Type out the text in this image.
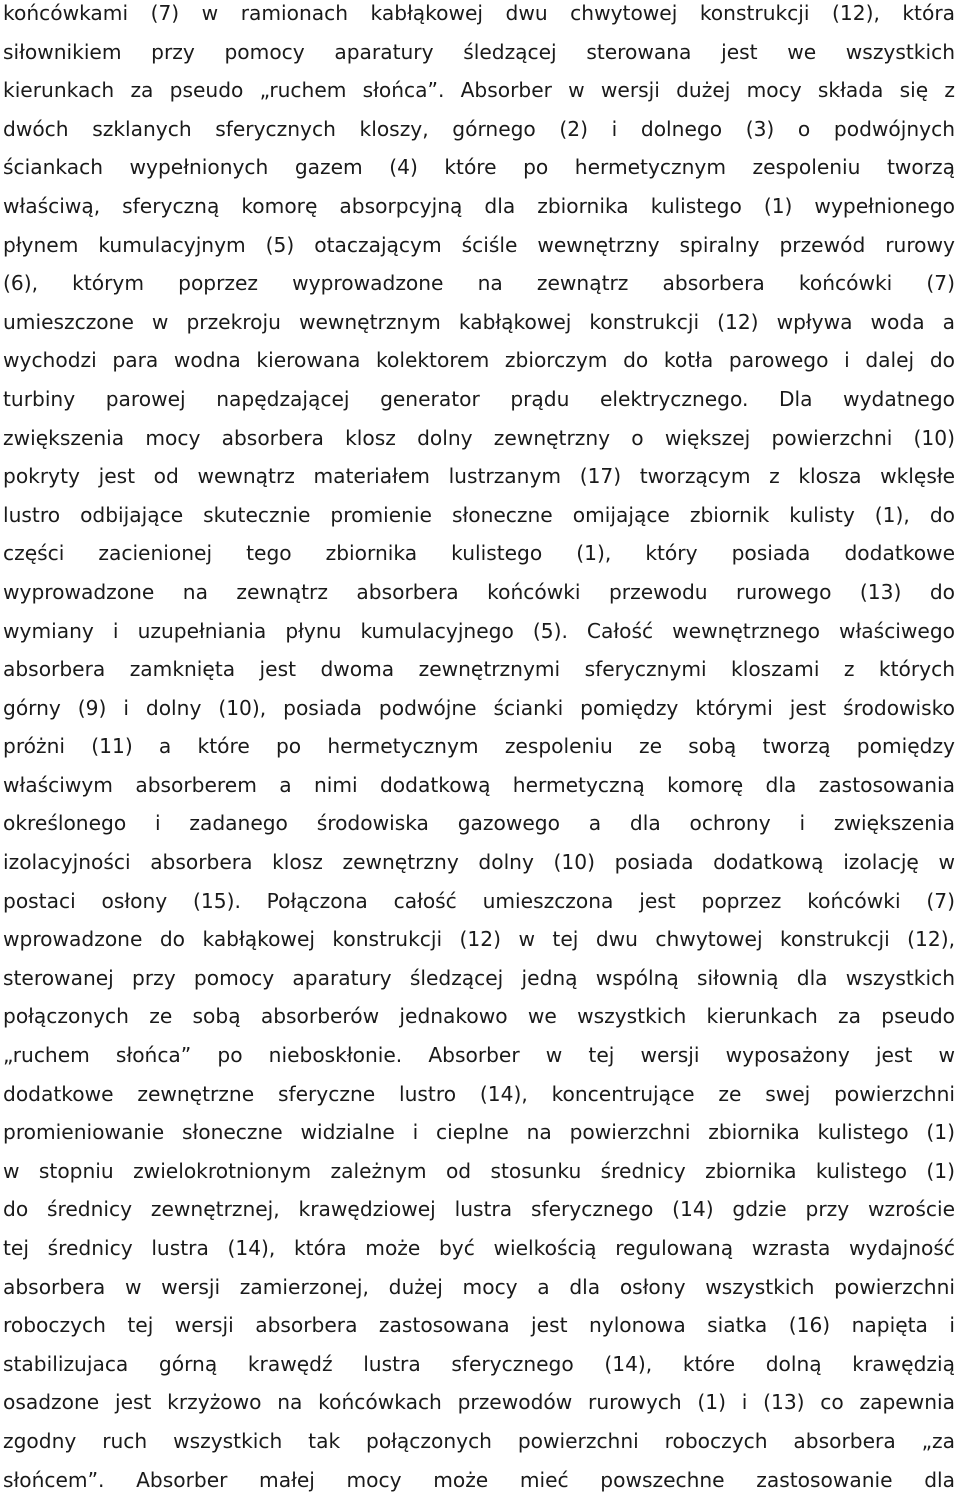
końcówkami (7) w ramionach kabłąkowej dwu chwytowej konstrukcji (12), która
siłownikiem przy pomocy aparatury śledzącej sterowana jest we wszystkich
kierunkach za pseudo „ruchem słońca”. Absorber w wersji dużej mocy składa się z
dwóch szklanych sferycznych kloszy, górnego (2) i dolnego (3) o podwójnych
ściankach wypełnionych gazem (4) które po hermetycznym zespoleniu tworzą
właściwą, sferyczną komorę absorpcyjną dla zbiornika kulistego (1) wypełnionego
płynem kumulacyjnym (5) otaczającym ściśle wewnętrzny spiralny przewód rurowy
(6), którym poprzez wyprowadzone na zewnątrz absorbera końcówki (7)
umieszczone w przekroju wewnętrznym kabłąkowej konstrukcji (12) wpływa woda a
wychodzi para wodna kierowana kolektorem zbiorczym do kotła parowego i dalej do
turbiny parowej napędzającej generator prądu elektrycznego. Dla wydatnego
zwiększenia mocy absorbera klosz dolny zewnętrzny o większej powierzchni (10)
pokryty jest od wewnątrz materiałem lustrzanym (17) tworzącym z klosza wklęsłe
lustro odbijające skutecznie promienie słoneczne omijające zbiornik kulisty (1), do
części zacienionej tego zbiornika kulistego (1), który posiada dodatkowe
wyprowadzone na zewnątrz absorbera końcówki przewodu rurowego (13) do
wymiany i uzupełniania płynu kumulacyjnego (5). Całość wewnętrznego właściwego
absorbera zamknięta jest dwoma zewnętrznymi sferycznymi kloszami z których
górny (9) i dolny (10), posiada podwójne ścianki pomiędzy którymi jest środowisko
próżni (11) a które po hermetycznym zespoleniu ze sobą tworzą pomiędzy
właściwym absorberem a nimi dodatkową hermetyczną komorę dla zastosowania
określonego i zadanego środowiska gazowego a dla ochrony i zwiększenia
izolacyjności absorbera klosz zewnętrzny dolny (10) posiada dodatkową izolację w
postaci osłony (15). Połączona całość umieszczona jest poprzez końcówki (7)
wprowadzone do kabłąkowej konstrukcji (12) w tej dwu chwytowej konstrukcji (12),
sterowanej przy pomocy aparatury śledzącej jedną wspólną siłownią dla wszystkich
połączonych ze sobą absorberów jednakowo we wszystkich kierunkach za pseudo
„ruchem słońca” po nieboskłonie. Absorber w tej wersji wyposażony jest w
dodatkowe zewnętrzne sferyczne lustro (14), koncentrujące ze swej powierzchni
promieniowanie słoneczne widzialne i cieplne na powierzchni zbiornika kulistego (1)
w stopniu zwielokrotnionym zależnym od stosunku średnicy zbiornika kulistego (1)
do średnicy zewnętrznej, krawędziowej lustra sferycznego (14) gdzie przy wzroście
tej średnicy lustra (14), która może być wielkością regulowaną wzrasta wydajność
absorbera w wersji zamierzonej, dużej mocy a dla osłony wszystkich powierzchni
roboczych tej wersji absorbera zastosowana jest nylonowa siatka (16) napięta i
stabilizujaca górną krawędź lustra sferycznego (14), które dolną krawędzią
osadzone jest krzyżowo na końcówkach przewodów rurowych (1) i (13) co zapewnia
zgodny ruch wszystkich tak połączonych powierzchni roboczych absorbera „za
słońcem”. Absorber małej mocy może mieć powszechne zastosowanie dla
